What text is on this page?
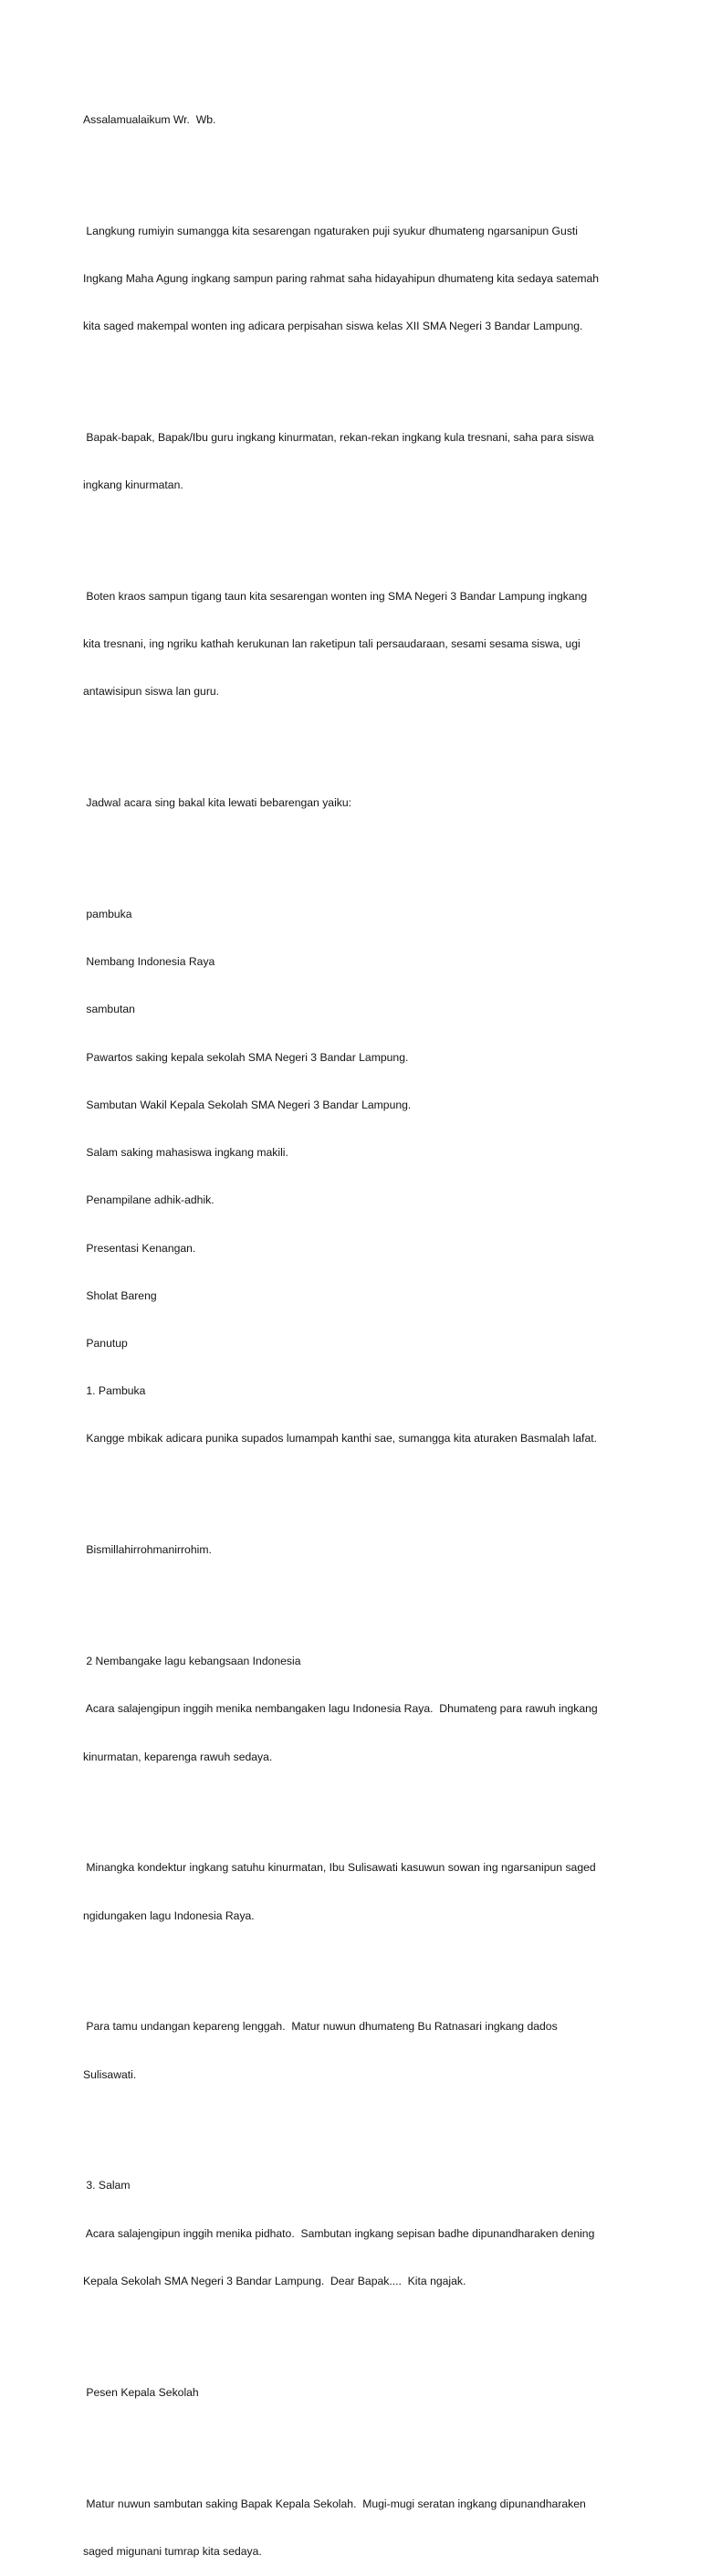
Assalamualaikum Wr.  Wb.

Langkung rumiyin sumangga kita sesarengan ngaturaken puji syukur dhumateng ngarsanipun Gusti

Ingkang Maha Agung ingkang sampun paring rahmat saha hidayahipun dhumateng kita sedaya satemah

kita saged makempal wonten ing adicara perpisahan siswa kelas XII SMA Negeri 3 Bandar Lampung.

Bapak-bapak, Bapak/Ibu guru ingkang kinurmatan, rekan-rekan ingkang kula tresnani, saha para siswa

ingkang kinurmatan.

Boten kraos sampun tigang taun kita sesarengan wonten ing SMA Negeri 3 Bandar Lampung ingkang

kita tresnani, ing ngriku kathah kerukunan lan raketipun tali persaudaraan, sesami sesama siswa, ugi

antawisipun siswa lan guru.

Jadwal acara sing bakal kita lewati bebarengan yaiku:

pambuka

Nembang Indonesia Raya

sambutan

Pawartos saking kepala sekolah SMA Negeri 3 Bandar Lampung.

Sambutan Wakil Kepala Sekolah SMA Negeri 3 Bandar Lampung.

Salam saking mahasiswa ingkang makili.

Penampilane adhik-adhik.

Presentasi Kenangan.

Sholat Bareng

Panutup

1. Pambuka

Kangge mbikak adicara punika supados lumampah kanthi sae, sumangga kita aturaken Basmalah lafat.

Bismillahirrohmanirrohim.

2 Nembangake lagu kebangsaan Indonesia

Acara salajengipun inggih menika nembangaken lagu Indonesia Raya.  Dhumateng para rawuh ingkang

kinurmatan, keparenga rawuh sedaya.

Minangka kondektur ingkang satuhu kinurmatan, Ibu Sulisawati kasuwun sowan ing ngarsanipun saged

ngidungaken lagu Indonesia Raya.

Para tamu undangan kepareng lenggah.  Matur nuwun dhumateng Bu Ratnasari ingkang dados

Sulisawati.

3. Salam

Acara salajengipun inggih menika pidhato.  Sambutan ingkang sepisan badhe dipunandharaken dening

Kepala Sekolah SMA Negeri 3 Bandar Lampung.  Dear Bapak....  Kita ngajak.

Pesen Kepala Sekolah

Matur nuwun sambutan saking Bapak Kepala Sekolah.  Mugi-mugi seratan ingkang dipunandharaken

saged migunani tumrap kita sedaya.
